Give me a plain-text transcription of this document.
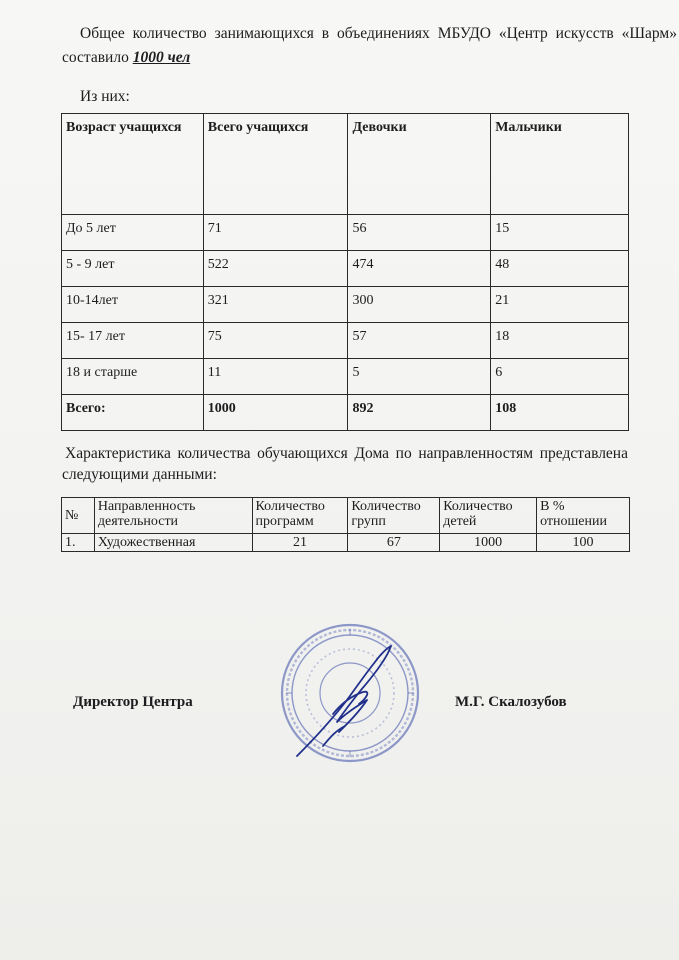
Общее количество занимающихся в объединениях МБУДО «Центр искусств «Шарм» составило 1000 чел
Из них:
Возраст учащихся	Всего учащихся	Девочки	Мальчики
До 5 лет	71	56	15
5 - 9 лет	522	474	48
10-14лет	321	300	21
15- 17 лет	75	57	18
18 и старше	11	5	6
Всего:	1000	892	108
Характеристика количества обучающихся Дома по направленностям представлена следующими данными:
№	Направленность деятельности	Количество программ	Количество групп	Количество детей	В % отношении
1.	Художественная	21	67	1000	100
Директор Центра	М.Г. Скалозубов
